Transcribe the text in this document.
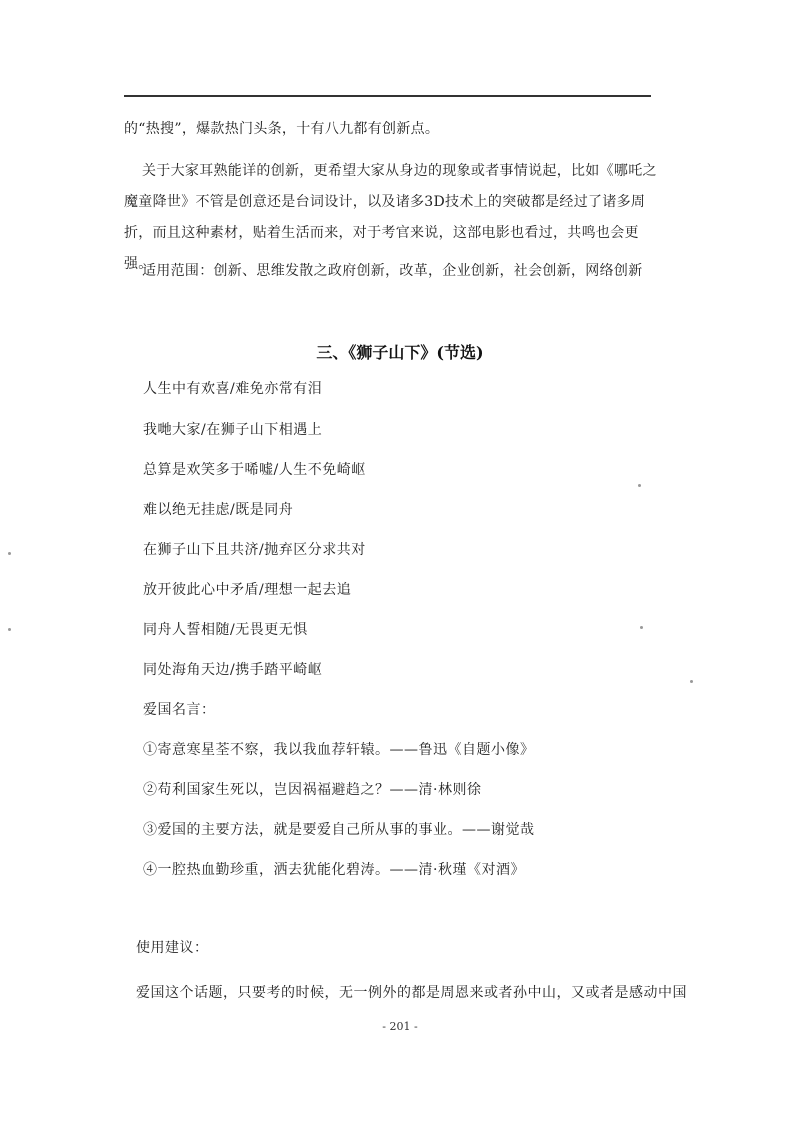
的“热搜”，爆款热门头条，十有八九都有创新点。

关于大家耳熟能详的创新，更希望大家从身边的现象或者事情说起，比如《哪吒之魔童降世》不管是创意还是台词设计，以及诸多3D技术上的突破都是经过了诸多周折，而且这种素材，贴着生活而来，对于考官来说，这部电影也看过，共鸣也会更强。

适用范围：创新、思维发散之政府创新，改革，企业创新，社会创新，网络创新

三、《狮子山下》(节选)

人生中有欢喜/难免亦常有泪

我哋大家/在狮子山下相遇上

总算是欢笑多于唏嘘/人生不免崎岖

难以绝无挂虑/既是同舟

在狮子山下且共济/抛弃区分求共对

放开彼此心中矛盾/理想一起去追

同舟人誓相随/无畏更无惧

同处海角天边/携手踏平崎岖

爱国名言：

①寄意寒星荃不察，我以我血荐轩辕。——鲁迅《自题小像》

②苟利国家生死以，岂因祸福避趋之？——清·林则徐

③爱国的主要方法，就是要爱自己所从事的事业。——谢觉哉

④一腔热血勤珍重，洒去犹能化碧涛。——清·秋瑾《对酒》

使用建议：

爱国这个话题，只要考的时候，无一例外的都是周恩来或者孙中山，又或者是感动中国

- 201 -
